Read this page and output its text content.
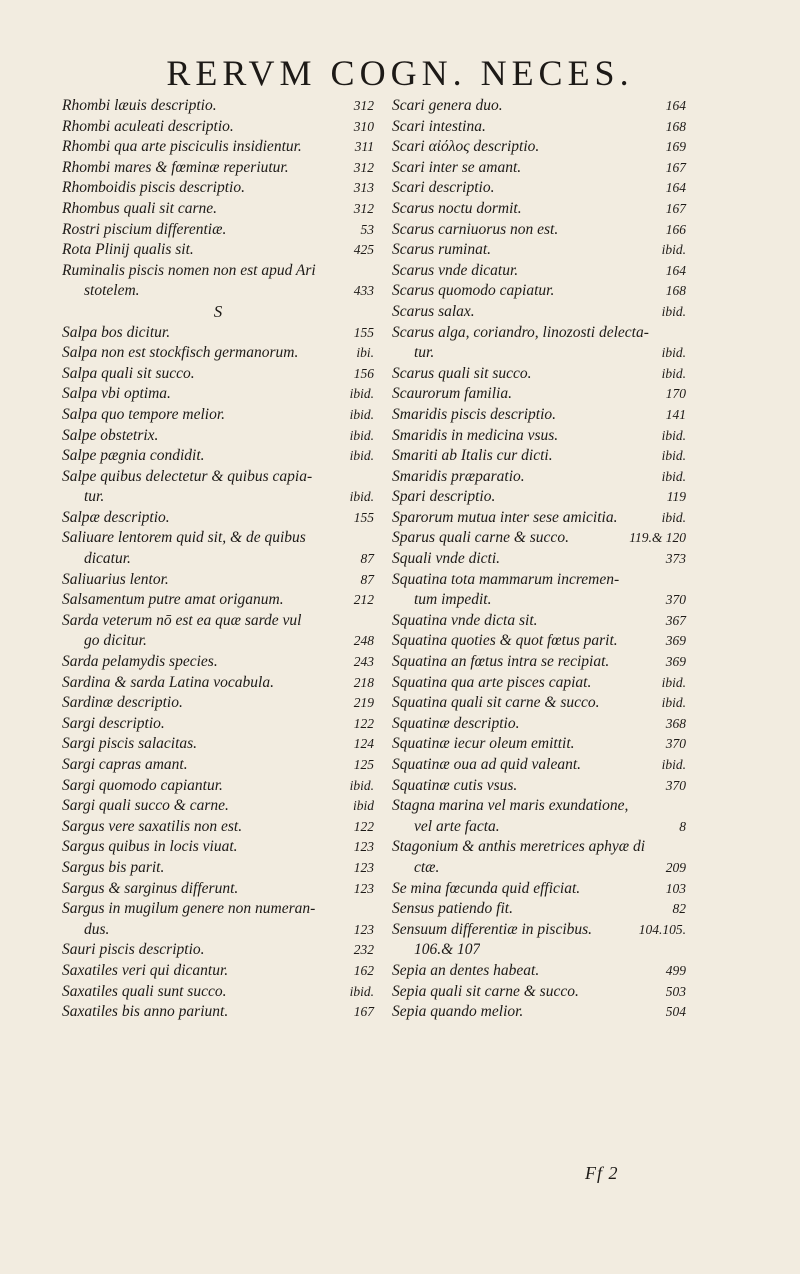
RERVM COGN. NECES.
Rhombi læuis descriptio.	312
Rhombi aculeati descriptio.	310
Rhombi qua arte pisciculis insidientur.	311
Rhombi mares & fœminæ reperiutur.	312
Rhomboidis piscis descriptio.	313
Rhombus quali sit carne.	312
Rostri piscium differentiæ.	53
Rota Plinij qualis sit.	425
Ruminalis piscis nomen non est apud Ari
stotelem.	433
S
Salpa bos dicitur.	155
Salpa non est stockfisch germanorum.	ibi.
Salpa quali sit succo.	156
Salpa vbi optima.	ibid.
Salpa quo tempore melior.	ibid.
Salpe obstetrix.	ibid.
Salpe pægnia condidit.	ibid.
Salpe quibus delectetur & quibus capia-
tur.	ibid.
Salpæ descriptio.	155
Saliuare lentorem quid sit, & de quibus
dicatur.	87
Saliuarius lentor.	87
Salsamentum putre amat origanum.	212
Sarda veterum nō est ea quæ sarde vul
go dicitur.	248
Sarda pelamydis species.	243
Sardina & sarda Latina vocabula.	218
Sardinæ descriptio.	219
Sargi descriptio.	122
Sargi piscis salacitas.	124
Sargi capras amant.	125
Sargi quomodo capiantur.	ibid.
Sargi quali succo & carne.	ibid
Sargus vere saxatilis non est.	122
Sargus quibus in locis viuat.	123
Sargus bis parit.	123
Sargus & sarginus differunt.	123
Sargus in mugilum genere non numeran-
dus.	123
Sauri piscis descriptio.	232
Saxatiles veri qui dicantur.	162
Saxatiles quali sunt succo.	ibid.
Saxatiles bis anno pariunt.	167
Scari genera duo.	164
Scari intestina.	168
Scari αἰόλος descriptio.	169
Scari inter se amant.	167
Scari descriptio.	164
Scarus noctu dormit.	167
Scarus carniuorus non est.	166
Scarus ruminat.	ibid.
Scarus vnde dicatur.	164
Scarus quomodo capiatur.	168
Scarus salax.	ibid.
Scarus alga, coriandro, linozosti delecta-
tur.	ibid.
Scarus quali sit succo.	ibid.
Scaurorum familia.	170
Smaridis piscis descriptio.	141
Smaridis in medicina vsus.	ibid.
Smariti ab Italis cur dicti.	ibid.
Smaridis præparatio.	ibid.
Spari descriptio.	119
Sparorum mutua inter sese amicitia.	ibid.
Sparus quali carne & succo.	119.& 120
Squali vnde dicti.	373
Squatina tota mammarum incremen-
tum impedit.	370
Squatina vnde dicta sit.	367
Squatina quoties & quot fœtus parit.	369
Squatina an fœtus intra se recipiat.	369
Squatina qua arte pisces capiat.	ibid.
Squatina quali sit carne & succo.	ibid.
Squatinæ descriptio.	368
Squatinæ iecur oleum emittit.	370
Squatinæ oua ad quid valeant.	ibid.
Squatinæ cutis vsus.	370
Stagna marina vel maris exundatione,
vel arte facta.	8
Stagonium & anthis meretrices aphyæ di
ctæ.	209
Se mina fœcunda quid efficiat.	103
Sensus patiendo fit.	82
Sensuum differentiæ in piscibus.	104.105.
106.& 107
Sepia an dentes habeat.	499
Sepia quali sit carne & succo.	503
Sepia quando melior.	504
Ff 2
